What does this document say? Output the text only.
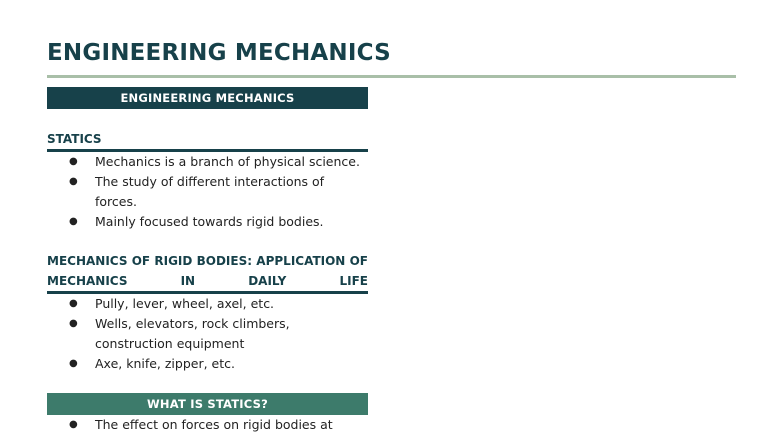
ENGINEERING MECHANICS
ENGINEERING MECHANICS
STATICS
● Mechanics is a branch of physical science.
● The study of different interactions of forces.
● Mainly focused towards rigid bodies.
MECHANICS OF RIGID BODIES: APPLICATION OF MECHANICS IN DAILY LIFE
● Pully, lever, wheel, axel, etc.
● Wells, elevators, rock climbers, construction equipment
● Axe, knife, zipper, etc.
WHAT IS STATICS?
● The effect on forces on rigid bodies at
